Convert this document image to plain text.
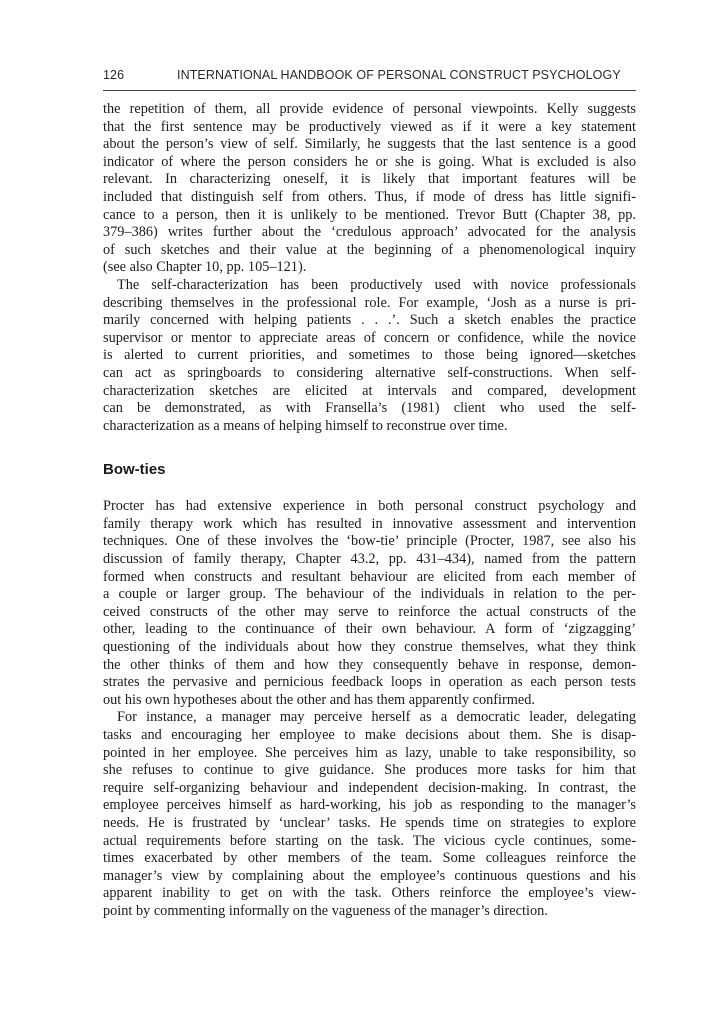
126	INTERNATIONAL HANDBOOK OF PERSONAL CONSTRUCT PSYCHOLOGY
the repetition of them, all provide evidence of personal viewpoints. Kelly suggests
that the first sentence may be productively viewed as if it were a key statement
about the person’s view of self. Similarly, he suggests that the last sentence is a good
indicator of where the person considers he or she is going. What is excluded is also
relevant. In characterizing oneself, it is likely that important features will be
included that distinguish self from others. Thus, if mode of dress has little signifi-
cance to a person, then it is unlikely to be mentioned. Trevor Butt (Chapter 38, pp.
379–386) writes further about the ‘credulous approach’ advocated for the analysis
of such sketches and their value at the beginning of a phenomenological inquiry
(see also Chapter 10, pp. 105–121).
The self-characterization has been productively used with novice professionals
describing themselves in the professional role. For example, ‘Josh as a nurse is pri-
marily concerned with helping patients . . .’. Such a sketch enables the practice
supervisor or mentor to appreciate areas of concern or confidence, while the novice
is alerted to current priorities, and sometimes to those being ignored—sketches
can act as springboards to considering alternative self-constructions. When self-
characterization sketches are elicited at intervals and compared, development
can be demonstrated, as with Fransella’s (1981) client who used the self-
characterization as a means of helping himself to reconstrue over time.
Bow-ties
Procter has had extensive experience in both personal construct psychology and
family therapy work which has resulted in innovative assessment and intervention
techniques. One of these involves the ‘bow-tie’ principle (Procter, 1987, see also his
discussion of family therapy, Chapter 43.2, pp. 431–434), named from the pattern
formed when constructs and resultant behaviour are elicited from each member of
a couple or larger group. The behaviour of the individuals in relation to the per-
ceived constructs of the other may serve to reinforce the actual constructs of the
other, leading to the continuance of their own behaviour. A form of ‘zigzagging’
questioning of the individuals about how they construe themselves, what they think
the other thinks of them and how they consequently behave in response, demon-
strates the pervasive and pernicious feedback loops in operation as each person tests
out his own hypotheses about the other and has them apparently confirmed.
For instance, a manager may perceive herself as a democratic leader, delegating
tasks and encouraging her employee to make decisions about them. She is disap-
pointed in her employee. She perceives him as lazy, unable to take responsibility, so
she refuses to continue to give guidance. She produces more tasks for him that
require self-organizing behaviour and independent decision-making. In contrast, the
employee perceives himself as hard-working, his job as responding to the manager’s
needs. He is frustrated by ‘unclear’ tasks. He spends time on strategies to explore
actual requirements before starting on the task. The vicious cycle continues, some-
times exacerbated by other members of the team. Some colleagues reinforce the
manager’s view by complaining about the employee’s continuous questions and his
apparent inability to get on with the task. Others reinforce the employee’s view-
point by commenting informally on the vagueness of the manager’s direction.
